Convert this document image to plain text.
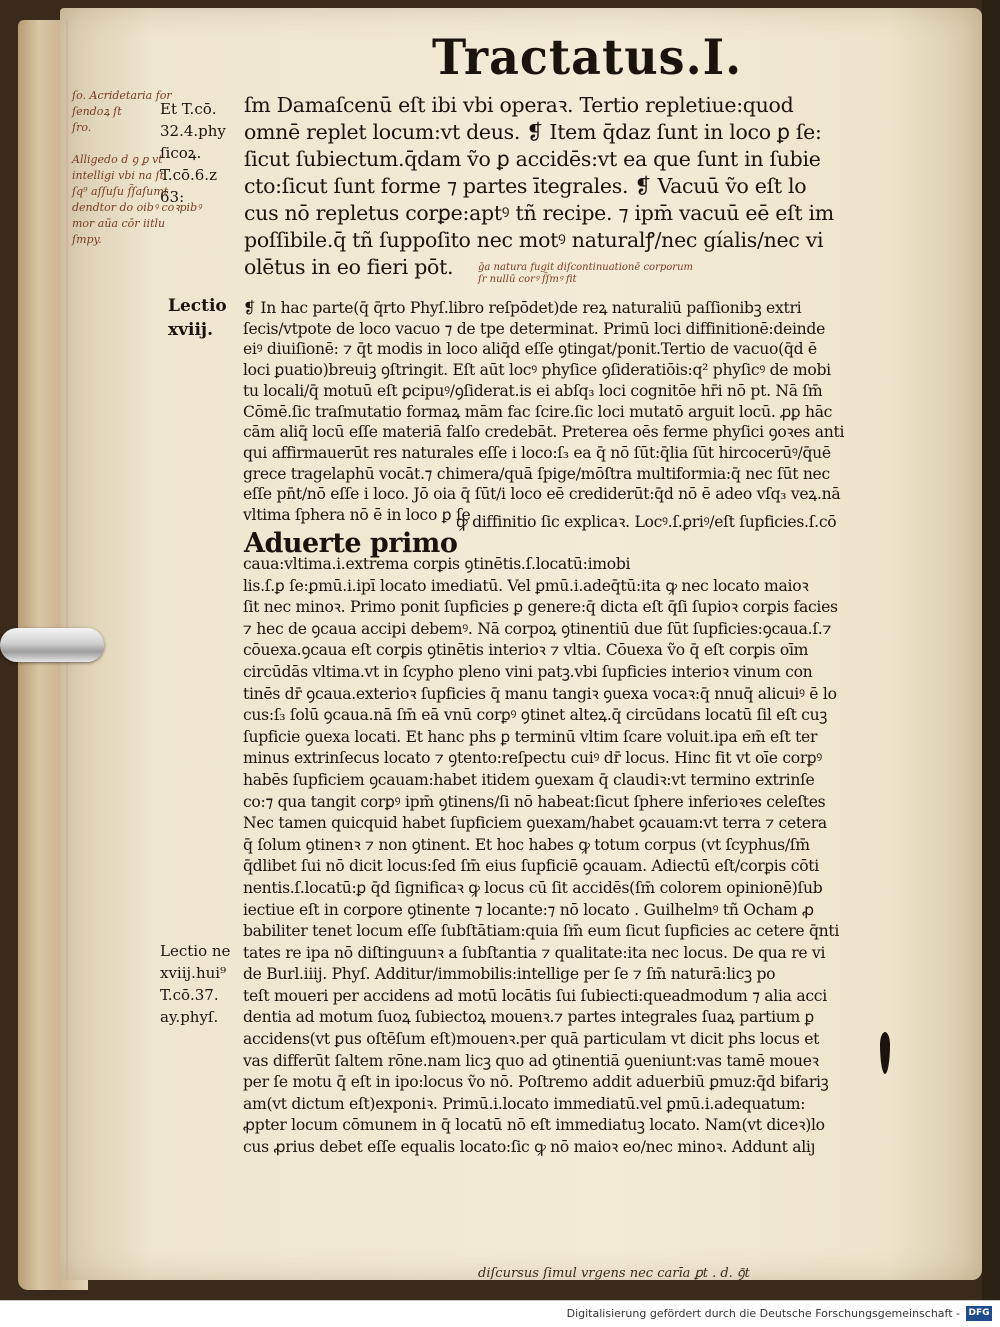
Tractatus.I.
ſo. Acridetaria for
ſendoꝝ ſt
ſro.

Alligedo d ꝯ ꝑ vt
intelligi vbi na ſt
ſq⁹ aſſuſu ſ̄ſaſumt
dendtor do oibꝰ coꝛpibꝰ
mor aūa cōr iitlu
ſmpy.
Et T.cō.
32.4.phy
ſicoꝝ.
T.cō.6.z
63:
Lectio
xviij.
Lectio ne
xviij.hui⁹
T.cō.37.
ay.phyſ.
ſm Damaſcenū eſt ibi vbi operaꝛ. Tertio repletiue:quod
omnē replet locum:vt deus. ❡ Item q̄daz ſunt in loco ꝑ ſe:
ſicut ſubiectum.q̄dam ṽo ꝑ accidēs:vt ea que ſunt in ſubie
cto:ſicut ſunt forme ⁊ partes ītegrales. ❡ Vacuū ṽo eſt lo
cus nō repletus corꝑe:aptꝰ tñ recipe. ⁊ ipm̄ vacuū eē eſt im
poſſibile.q̄ tñ ſuppoſito nec motꝰ naturalꝭ/nec gíalis/nec vi
olētus in eo fieri pōt.	ḡa natura fugit diſcontinuationē corporum
ſr nullū corꝰ ſ̄ſmꝰ fit
❡ In hac parte(q̄ q̄rto Phyſ.libro reſpōdet)de reꝝ naturaliū paſſionibꝫ extri
ſecis/vtpote de loco vacuo ⁊ de tpe determinat. Primū loci diffinitionē:deinde
eiꝰ diuiſionē: ⁊ q̄t modis in loco aliq̄d eſſe ꝯtingat/ponit.Tertio de vacuo(q̄d ē
loci ꝑuatio)breuiꝫ ꝯſtringit. Eſt aūt locꝰ phyſice ꝯſideratiōis:q² phyſicꝰ de mobi
tu locali/q̄ motuū eſt ꝑcipuꝰ/ꝯſiderat.is ei abſq₃ loci cognitōe hr̄i nō pt. Nā ſm̄
Cōmē.ſic traſmutatio formaꝝ mām fac ſcire.ſic loci mutatō arguit locū. ꝓꝑ hāc
cām aliq̄ locū eſſe materiā falſo credebāt. Preterea oēs ferme phyſici ꝯoꝛes anti
qui affirmauerūt res naturales eſſe i loco:ſ₃ ea q̄ nō ſūt:q̄lia ſūt hircocerūꝰ/q̄uē
grece tragelaphū vocāt.⁊ chimera/quā ſpige/mōſtra multiformia:q̄ nec ſūt nec
eſſe pn̄t/nō eſſe i loco. Jō oia q̄ ſūt/i loco eē crediderūt:q̄d nō ē adeo vſq₃ veꝝ.nā
vltima ſphera nō ē in loco ꝑ ſe
Aduerte primo
ꝙ diffinitio ſic explicaꝛ. Locꝰ.ſ.ꝑriꝰ/eſt ſupficies.ſ.cō
caua:vltima.i.extrema corꝑis ꝯtinētis.ſ.locatū:imobi
lis.ſ.ꝑ ſe:ꝑmū.i.ipī locato imediatū. Vel ꝑmū.i.adeq̄tū:ita ꝙ nec locato maioꝛ
ſit nec minoꝛ. Primo ponit ſupficies ꝑ genere:q̄ dicta eſt q̄ſi ſupioꝛ corꝑis facies
⁊ hec de ꝯcaua accipi debemꝰ. Nā corpoꝝ ꝯtinentiū due ſūt ſupficies:ꝯcaua.ſ.⁊
cōuexa.ꝯcaua eſt corꝑis ꝯtinētis interioꝛ ⁊ vltia. Cōuexa ṽo q̄ eſt corꝑis oīm
circūdās vltima.vt in ſcypho pleno vini patꝫ.vbi ſupficies interioꝛ vinum con
tinēs dr̄ ꝯcaua.exterioꝛ ſupficies q̄ manu tangiꝛ ꝯuexa vocaꝛ:q̄ nnuq̄ alicuiꝰ ē lo
cus:ſ₃ ſolū ꝯcaua.nā ſm̄ eā vnū corꝑꝰ ꝯtinet alteꝝ.q̄ circūdans locatū ſil eſt cuꝫ
ſupficie ꝯuexa locati. Et hanc phs ꝑ terminū vltim ſcare voluit.ipa em̄ eſt ter
minus extrinſecus locato ⁊ ꝯtento:reſpectu cuiꝰ dr̄ locus. Hinc fit vt oīe corꝑꝰ
habēs ſupficiem ꝯcauam:habet itidem ꝯuexam q̄ claudiꝛ:vt termino extrinſe
co:⁊ qua tangit corꝑꝰ ipm̄ ꝯtinens/ſi nō habeat:ſicut ſphere inferioꝛes celeſtes
Nec tamen quicquid habet ſupficiem ꝯuexam/habet ꝯcauam:vt terra ⁊ cetera
q̄ ſolum ꝯtinenꝛ ⁊ non ꝯtinent. Et hoc habes ꝙ totum corpus (vt ſcyphus/ſm̄
q̄dlibet ſui nō dicit locus:ſed ſm̄ eius ſupficiē ꝯcauam. Adiectū eſt/corꝑis cōti
nentis.ſ.locatū:ꝑ q̄d ſignificaꝛ ꝙ locus cū ſit accidēs(ſm̄ colorem opinionē)ſub
iectiue eſt in corꝑore ꝯtinente ⁊ locante:⁊ nō locato . Guilhelmꝰ tñ Ocham ꝓ
babiliter tenet locum eſſe ſubſtātiam:quia ſm̄ eum ſicut ſupficies ac cetere q̄nti
tates re ipa nō diſtinguunꝛ a ſubſtantia ⁊ qualitate:ita nec locus. De qua re vi
de Burl.iiij. Phyſ. Additur/immobilis:intellige per ſe ⁊ ſm̄ naturā:licꝫ po
teſt moueri per accidens ad motū locātis ſui ſubiecti:queadmodum ⁊ alia acci
dentia ad motum ſuoꝝ ſubiectoꝝ mouenꝛ.⁊ partes integrales ſuaꝝ partium ꝑ
accidens(vt ꝑus oſtēſum eſt)mouenꝛ.per quā particulam vt dicit phs locus et
vas differūt ſaltem rōne.nam licꝫ quo ad ꝯtinentiā ꝯueniunt:vas tamē moueꝛ
per ſe motu q̄ eſt in ipo:locus ṽo nō. Poſtremo addit aduerbiū ꝑmuz:q̄d bifariꝫ
am(vt dictum eſt)exponiꝛ. Primū.i.locato immediatū.vel ꝑmū.i.adequatum:
ꝓpter locum cōmunem in q̄ locatū nō eſt immediatuꝫ locato. Nam(vt diceꝛ)lo
cus ꝓrius debet eſſe equalis locato:ſic ꝙ nō maioꝛ eo/nec minoꝛ. Addunt aliȷ
diſcursus ſimul vrgens nec carīa ꝑt . d. ꝯ̄t
Digitalisierung gefördert durch die Deutsche Forschungsgemeinschaft - DFG
